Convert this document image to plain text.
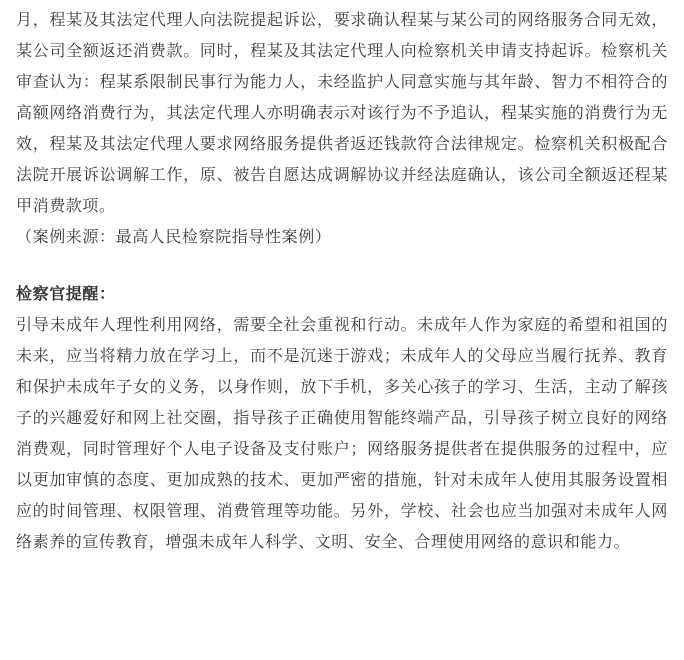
月，程某及其法定代理人向法院提起诉讼，要求确认程某与某公司的网络服务合同无效，某公司全额返还消费款。同时，程某及其法定代理人向检察机关申请支持起诉。检察机关审查认为：程某系限制民事行为能力人，未经监护人同意实施与其年龄、智力不相符合的高额网络消费行为，其法定代理人亦明确表示对该行为不予追认，程某实施的消费行为无效，程某及其法定代理人要求网络服务提供者返还钱款符合法律规定。检察机关积极配合法院开展诉讼调解工作，原、被告自愿达成调解协议并经法庭确认，该公司全额返还程某甲消费款项。

（案例来源：最高人民检察院指导性案例）

检察官提醒：

引导未成年人理性利用网络，需要全社会重视和行动。未成年人作为家庭的希望和祖国的未来，应当将精力放在学习上，而不是沉迷于游戏；未成年人的父母应当履行抚养、教育和保护未成年子女的义务，以身作则，放下手机，多关心孩子的学习、生活，主动了解孩子的兴趣爱好和网上社交圈，指导孩子正确使用智能终端产品，引导孩子树立良好的网络消费观，同时管理好个人电子设备及支付账户；网络服务提供者在提供服务的过程中，应以更加审慎的态度、更加成熟的技术、更加严密的措施，针对未成年人使用其服务设置相应的时间管理、权限管理、消费管理等功能。另外，学校、社会也应当加强对未成年人网络素养的宣传教育，增强未成年人科学、文明、安全、合理使用网络的意识和能力。
